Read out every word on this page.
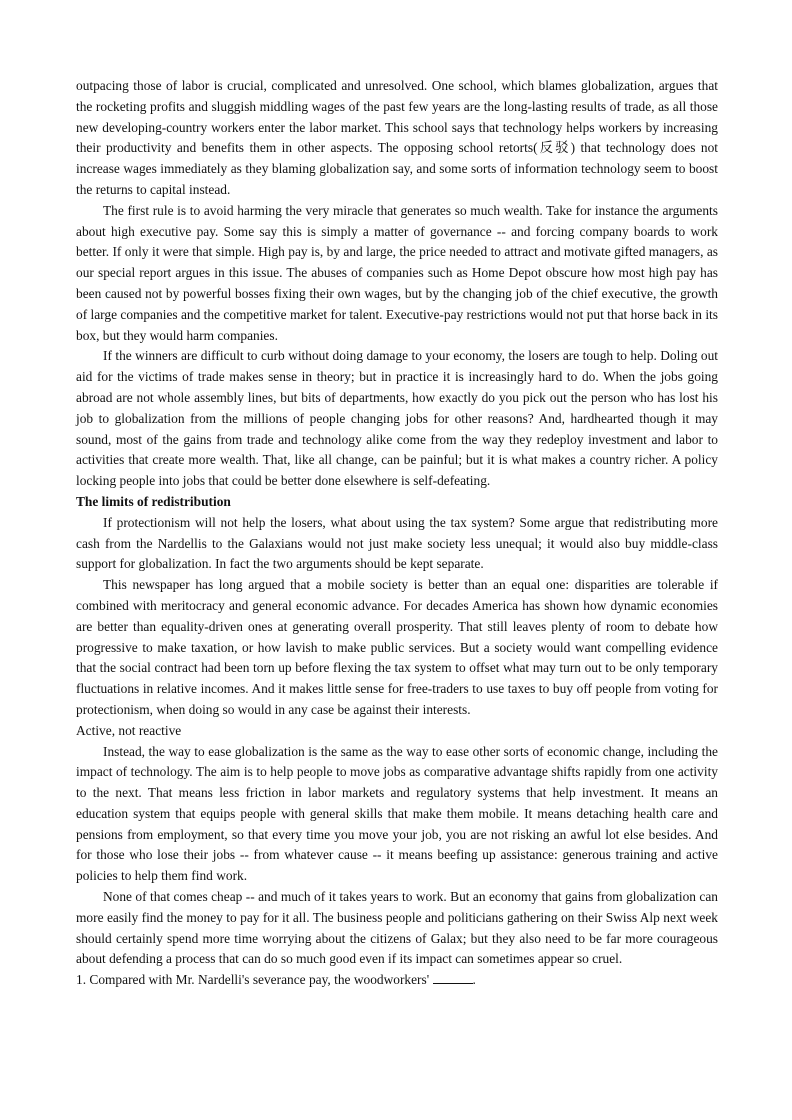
outpacing those of labor is crucial, complicated and unresolved. One school, which blames globalization, argues that the rocketing profits and sluggish middling wages of the past few years are the long-lasting results of trade, as all those new developing-country workers enter the labor market. This school says that technology helps workers by increasing their productivity and benefits them in other aspects. The opposing school retorts(反驳) that technology does not increase wages immediately as they blaming globalization say, and some sorts of information technology seem to boost the returns to capital instead.

The first rule is to avoid harming the very miracle that generates so much wealth. Take for instance the arguments about high executive pay. Some say this is simply a matter of governance -- and forcing company boards to work better. If only it were that simple. High pay is, by and large, the price needed to attract and motivate gifted managers, as our special report argues in this issue. The abuses of companies such as Home Depot obscure how most high pay has been caused not by powerful bosses fixing their own wages, but by the changing job of the chief executive, the growth of large companies and the competitive market for talent. Executive-pay restrictions would not put that horse back in its box, but they would harm companies.

If the winners are difficult to curb without doing damage to your economy, the losers are tough to help. Doling out aid for the victims of trade makes sense in theory; but in practice it is increasingly hard to do. When the jobs going abroad are not whole assembly lines, but bits of departments, how exactly do you pick out the person who has lost his job to globalization from the millions of people changing jobs for other reasons? And, hardhearted though it may sound, most of the gains from trade and technology alike come from the way they redeploy investment and labor to activities that create more wealth. That, like all change, can be painful; but it is what makes a country richer. A policy locking people into jobs that could be better done elsewhere is self-defeating.

The limits of redistribution

If protectionism will not help the losers, what about using the tax system? Some argue that redistributing more cash from the Nardellis to the Galaxians would not just make society less unequal; it would also buy middle-class support for globalization. In fact the two arguments should be kept separate.

This newspaper has long argued that a mobile society is better than an equal one: disparities are tolerable if combined with meritocracy and general economic advance. For decades America has shown how dynamic economies are better than equality-driven ones at generating overall prosperity. That still leaves plenty of room to debate how progressive to make taxation, or how lavish to make public services. But a society would want compelling evidence that the social contract had been torn up before flexing the tax system to offset what may turn out to be only temporary fluctuations in relative incomes. And it makes little sense for free-traders to use taxes to buy off people from voting for protectionism, when doing so would in any case be against their interests.

Active, not reactive

Instead, the way to ease globalization is the same as the way to ease other sorts of economic change, including the impact of technology. The aim is to help people to move jobs as comparative advantage shifts rapidly from one activity to the next. That means less friction in labor markets and regulatory systems that help investment. It means an education system that equips people with general skills that make them mobile. It means detaching health care and pensions from employment, so that every time you move your job, you are not risking an awful lot else besides. And for those who lose their jobs -- from whatever cause -- it means beefing up assistance: generous training and active policies to help them find work.

None of that comes cheap -- and much of it takes years to work. But an economy that gains from globalization can more easily find the money to pay for it all. The business people and politicians gathering on their Swiss Alp next week should certainly spend more time worrying about the citizens of Galax; but they also need to be far more courageous about defending a process that can do so much good even if its impact can sometimes appear so cruel.

1. Compared with Mr. Nardelli's severance pay, the woodworkers'	.
